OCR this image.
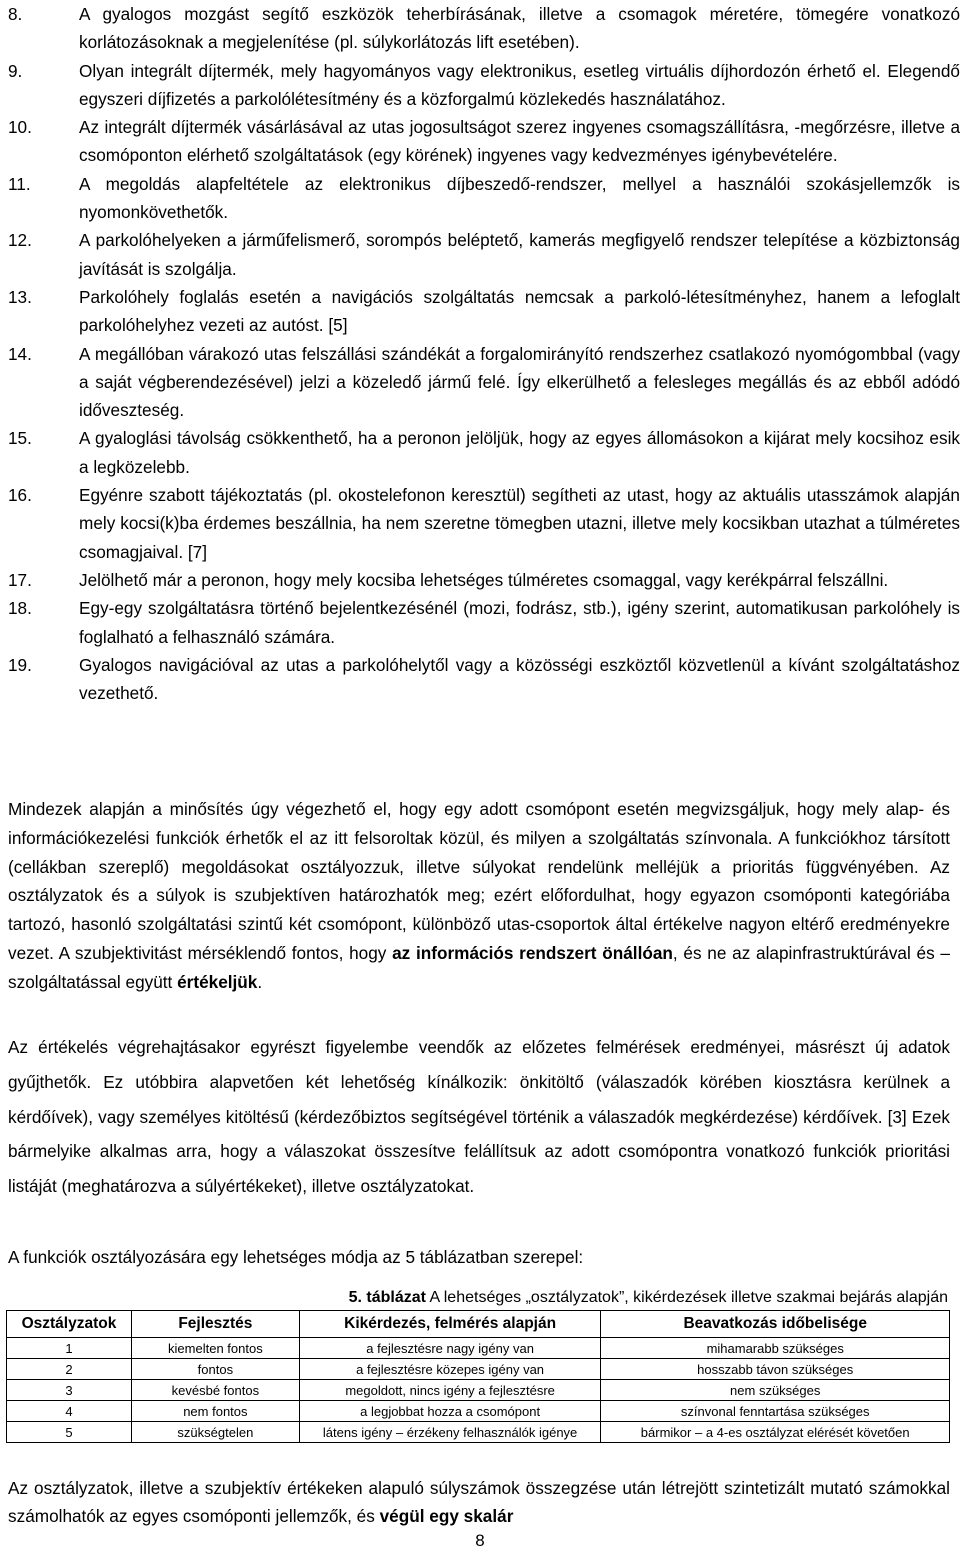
8.	A gyalogos mozgást segítő eszközök teherbírásának, illetve a csomagok méretére, tömegére vonatkozó korlátozásoknak a megjelenítése (pl. súlykorlátozás lift esetében).
9.	Olyan integrált díjtermék, mely hagyományos vagy elektronikus, esetleg virtuális díjhordozón érhető el. Elegendő egyszeri díjfizetés a parkolólétesítmény és a közforgalmú közlekedés használatához.
10.	Az integrált díjtermék vásárlásával az utas jogosultságot szerez ingyenes csomagszállításra, -megőrzésre, illetve a csomóponton elérhető szolgáltatások (egy körének) ingyenes vagy kedvezményes igénybevételére.
11.	A megoldás alapfeltétele az elektronikus díjbeszedő-rendszer, mellyel a használói szokásjellemzők is nyomonkövethetők.
12.	A parkolóhelyeken a járműfelismerő, sorompós beléptető, kamerás megfigyelő rendszer telepítése a közbiztonság javítását is szolgálja.
13.	Parkolóhely foglalás esetén a navigációs szolgáltatás nemcsak a parkoló-létesítményhez, hanem a lefoglalt parkolóhelyhez vezeti az autóst. [5]
14.	A megállóban várakozó utas felszállási szándékát a forgalomirányító rendszerhez csatlakozó nyomógombbal (vagy a saját végberendezésével) jelzi a közeledő jármű felé. Így elkerülhető a felesleges megállás és az ebből adódó időveszteség.
15.	A gyaloglási távolság csökkenthető, ha a peronon jelöljük, hogy az egyes állomásokon a kijárat mely kocsihoz esik a legközelebb.
16.	Egyénre szabott tájékoztatás (pl. okostelefonon keresztül) segítheti az utast, hogy az aktuális utasszámok alapján mely kocsi(k)ba érdemes beszállnia, ha nem szeretne tömegben utazni, illetve mely kocsikban utazhat a túlméretes csomagjaival. [7]
17.	Jelölhető már a peronon, hogy mely kocsiba lehetséges túlméretes csomaggal, vagy kerékpárral felszállni.
18.	Egy-egy szolgáltatásra történő bejelentkezésénél (mozi, fodrász, stb.), igény szerint, automatikusan parkolóhely is foglalható a felhasználó számára.
19.	Gyalogos navigációval az utas a parkolóhelytől vagy a közösségi eszköztől közvetlenül a kívánt szolgáltatáshoz vezethető.

Mindezek alapján a minősítés úgy végezhető el, hogy egy adott csomópont esetén megvizsgáljuk, hogy mely alap- és információkezelési funkciók érhetők el az itt felsoroltak közül, és milyen a szolgáltatás színvonala. A funkciókhoz társított (cellákban szereplő) megoldásokat osztályozzuk, illetve súlyokat rendelünk melléjük a prioritás függvényében. Az osztályzatok és a súlyok is szubjektíven határozhatók meg; ezért előfordulhat, hogy egyazon csomóponti kategóriába tartozó, hasonló szolgáltatási szintű két csomópont, különböző utas-csoportok által értékelve nagyon eltérő eredményekre vezet. A szubjektivitást mérséklendő fontos, hogy az információs rendszert önállóan, és ne az alapinfrastruktúrával és –szolgáltatással együtt értékeljük.

Az értékelés végrehajtásakor egyrészt figyelembe veendők az előzetes felmérések eredményei, másrészt új adatok gyűjthetők. Ez utóbbira alapvetően két lehetőség kínálkozik: önkitöltő (válaszadók körében kiosztásra kerülnek a kérdőívek), vagy személyes kitöltésű (kérdezőbiztos segítségével történik a válaszadók megkérdezése) kérdőívek. [3] Ezek bármelyike alkalmas arra, hogy a válaszokat összesítve felállítsuk az adott csomópontra vonatkozó funkciók prioritási listáját (meghatározva a súlyértékeket), illetve osztályzatokat.

A funkciók osztályozására egy lehetséges módja az 5 táblázatban szerepel:

5. táblázat A lehetséges „osztályzatok”, kikérdezések illetve szakmai bejárás alapján
Osztályzatok	Fejlesztés	Kikérdezés, felmérés alapján	Beavatkozás időbelisége
1	kiemelten fontos	a fejlesztésre nagy igény van	mihamarabb szükséges
2	fontos	a fejlesztésre közepes igény van	hosszabb távon szükséges
3	kevésbé fontos	megoldott, nincs igény a fejlesztésre	nem szükséges
4	nem fontos	a legjobbat hozza a csomópont	színvonal fenntartása szükséges
5	szükségtelen	látens igény – érzékeny felhasználók igénye	bármikor – a 4-es osztályzat elérését követően

Az osztályzatok, illetve a szubjektív értékeken alapuló súlyszámok összegzése után létrejött szintetizált mutató számokkal számolhatók az egyes csomóponti jellemzők, és végül egy skalár

8
